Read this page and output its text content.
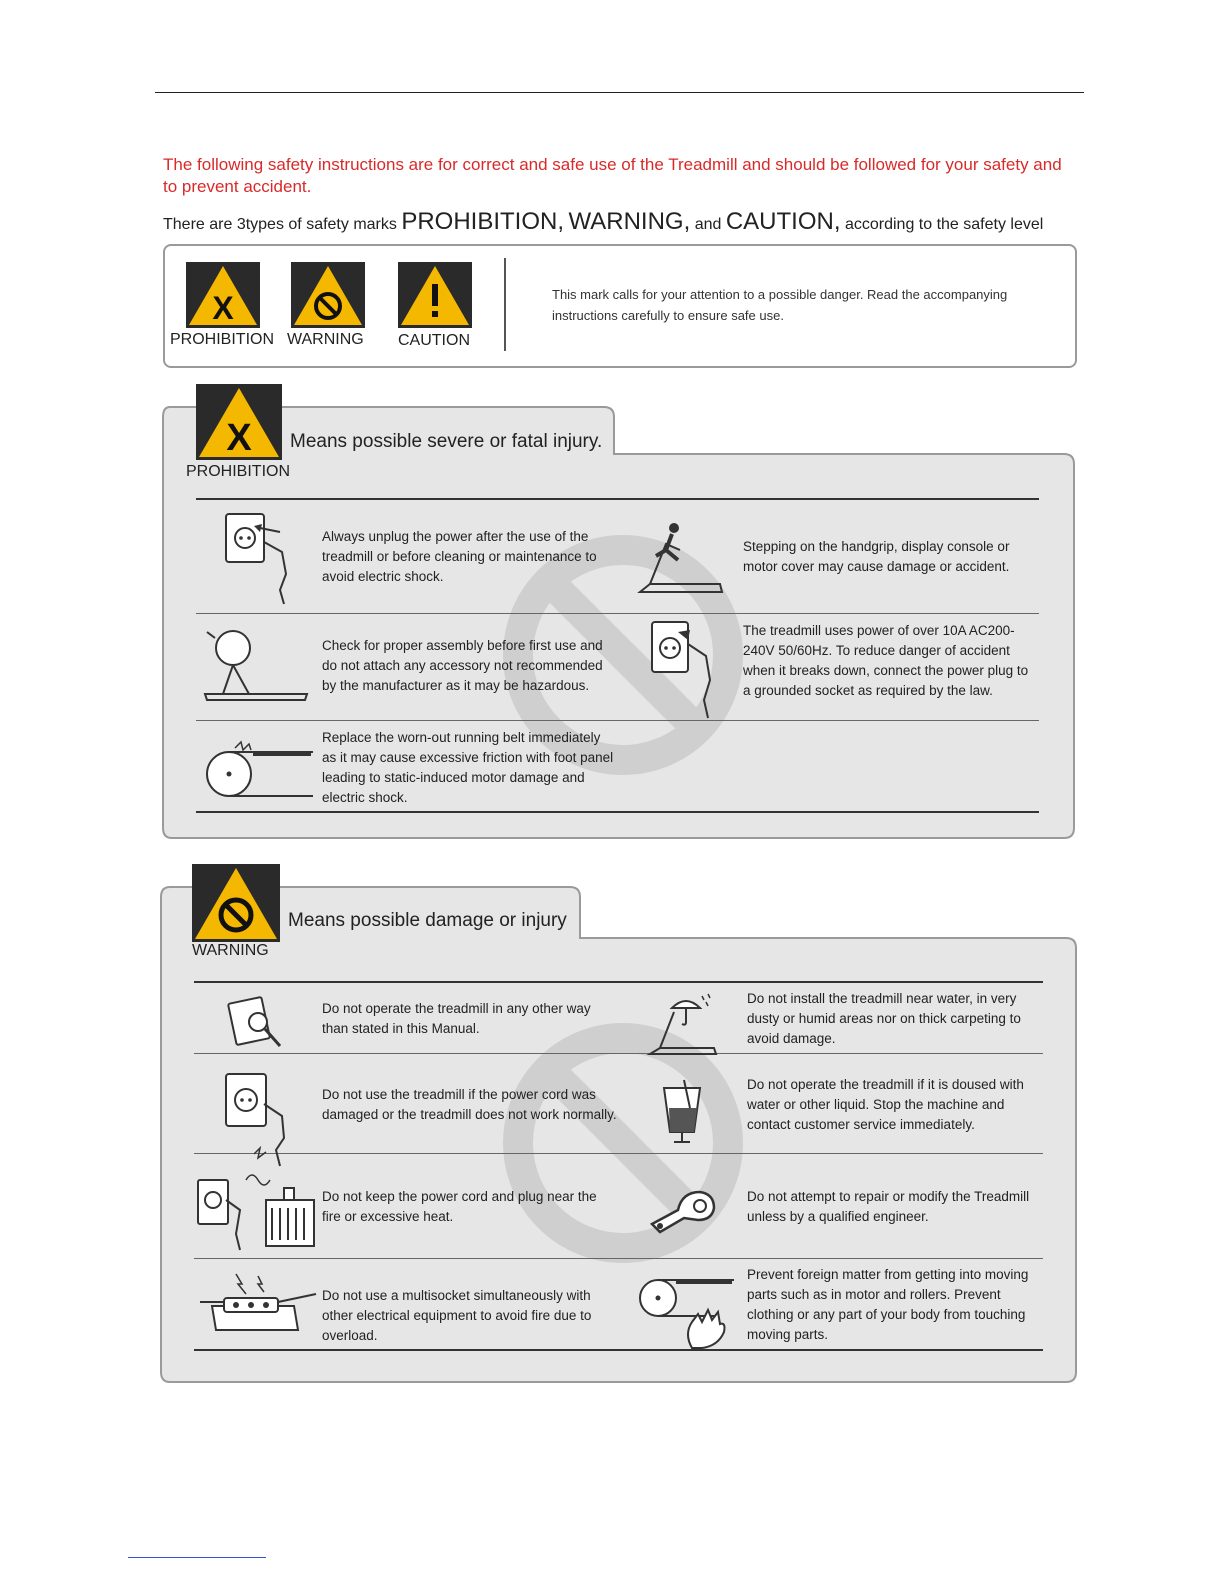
The following safety instructions are for correct and safe use of the Treadmill and should be followed for your safety and to prevent accident.

There are 3types of safety marks PROHIBITION, WARNING, and CAUTION, according to the safety level
X
PROHIBITION WARNING CAUTION
This mark calls for your attention to a possible danger. Read the accompanying instructions carefully to ensure safe use.
X Means possible severe or fatal injury.
PROHIBITION
Always unplug the power after the use of the treadmill or before cleaning or maintenance to avoid electric shock.
Stepping on the handgrip, display console or motor cover may cause damage or accident.
Check for proper assembly before first use and do not attach any accessory not recommended by the manufacturer as it may be hazardous.
The treadmill uses power of over 10A AC200-240V 50/60Hz. To reduce danger of accident when it breaks down, connect the power plug to a grounded socket as required by the law.
Replace the worn-out running belt immediately as it may cause excessive friction with foot panel leading to static-induced motor damage and electric shock.
Means possible damage or injury
WARNING
Do not operate the treadmill in any other way than stated in this Manual.
Do not install the treadmill near water, in very dusty or humid areas nor on thick carpeting to avoid damage.
Do not use the treadmill if the power cord was damaged or the treadmill does not work normally.
Do not operate the treadmill if it is doused with water or other liquid. Stop the machine and contact customer service immediately.
Do not keep the power cord and plug near the fire or excessive heat.
Do not attempt to repair or modify the Treadmill unless by a qualified engineer.
Do not use a multisocket simultaneously with other electrical equipment to avoid fire due to overload.
Prevent foreign matter from getting into moving parts such as in motor and rollers. Prevent clothing or any part of your body from touching moving parts.
